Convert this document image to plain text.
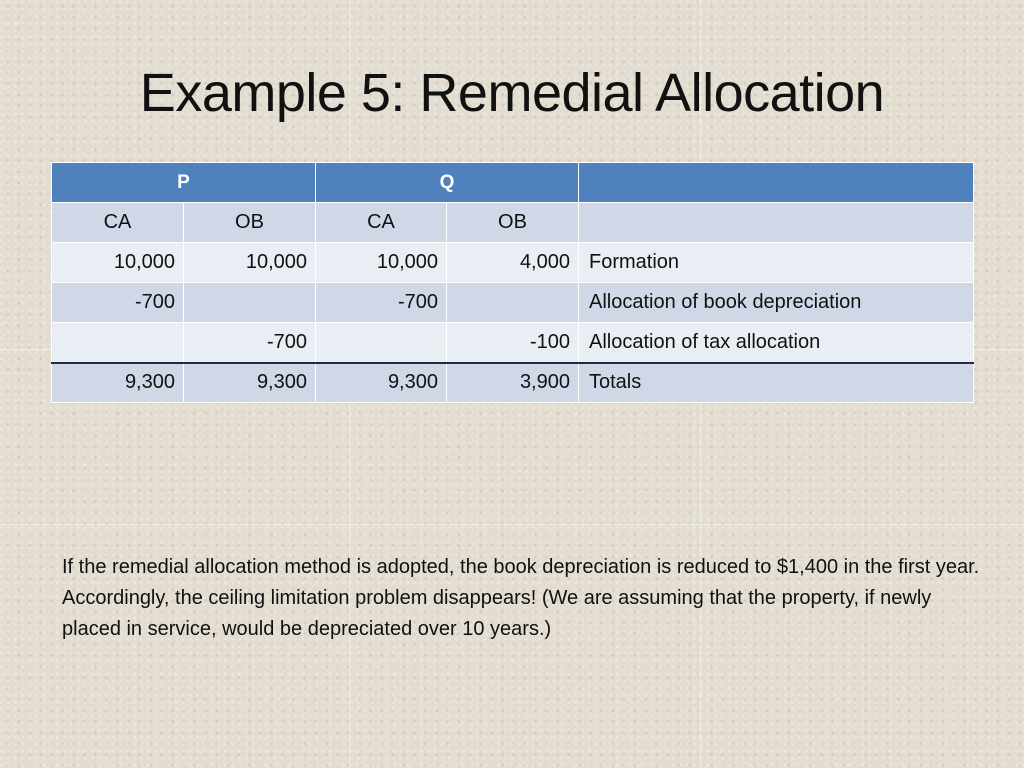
Example 5: Remedial Allocation
P		Q		
CA	OB	CA	OB	
10,000	10,000	10,000	4,000	Formation
-700		-700		Allocation of book depreciation
	-700		-100	Allocation of tax allocation
9,300	9,300	9,300	3,900	Totals

If the remedial allocation method is adopted, the book depreciation is reduced to $1,400 in the first year. Accordingly, the ceiling limitation problem disappears! (We are assuming that the property, if newly placed in service, would be depreciated over 10 years.)
